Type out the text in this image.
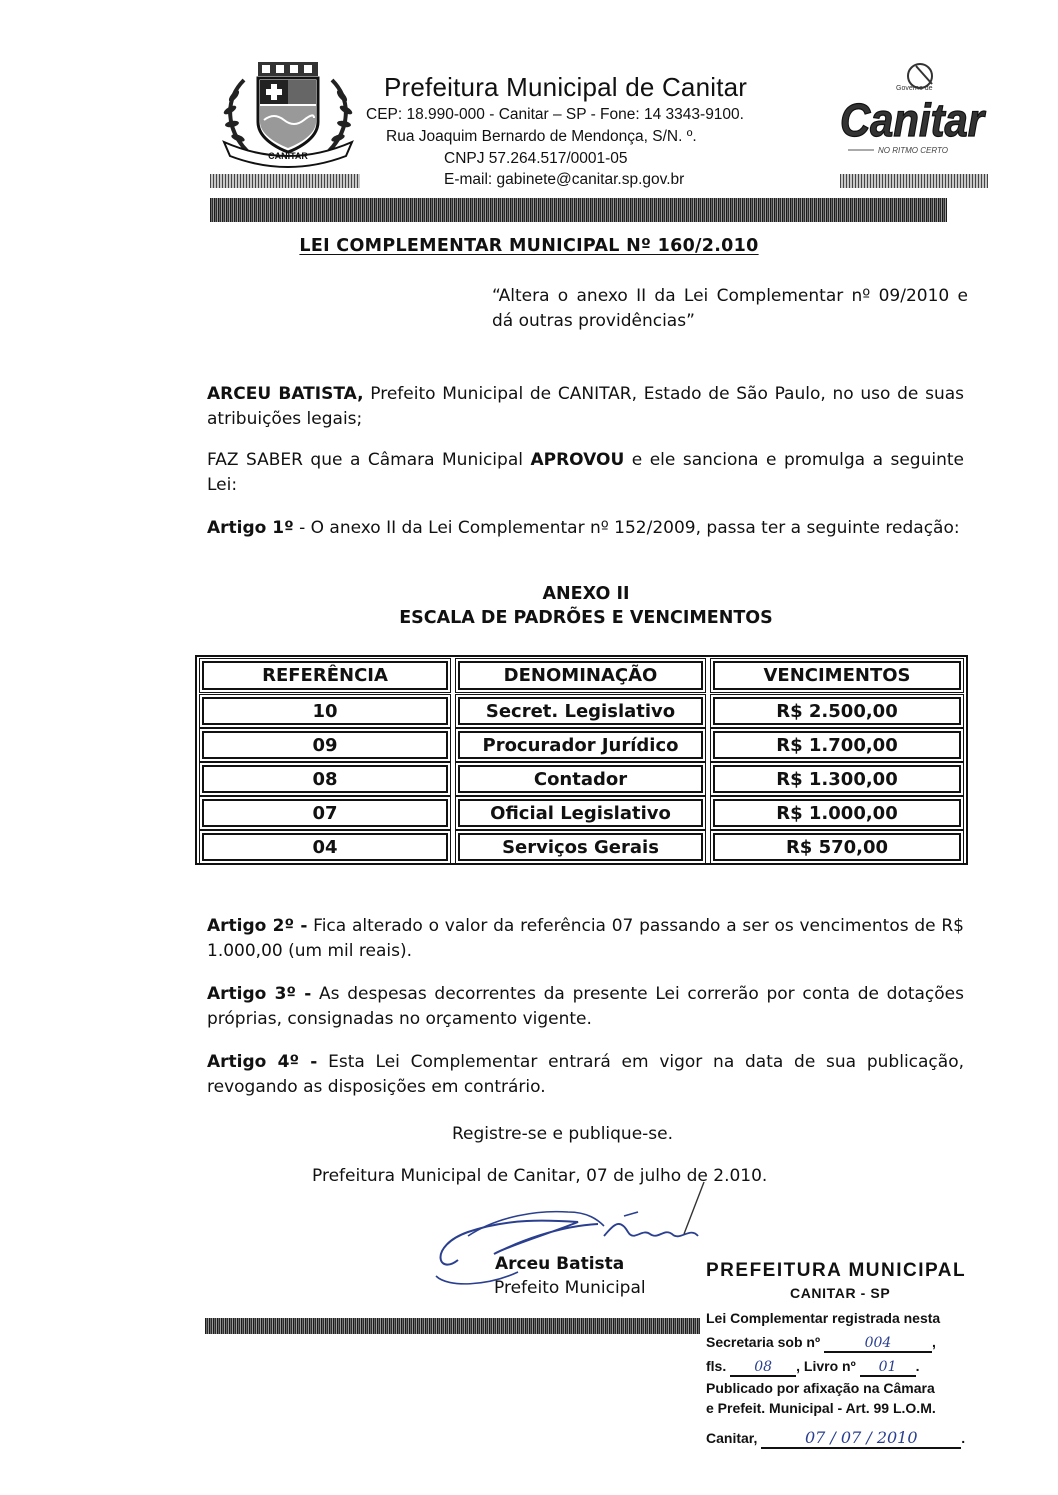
CANITAR
Prefeitura Municipal de Canitar
CEP: 18.990-000 - Canitar – SP - Fone: 14 3343-9100.
Rua Joaquim Bernardo de Mendonça, S/N. º.
CNPJ 57.264.517/0001-05
E-mail: gabinete@canitar.sp.gov.br
Governo de
Canitar
NO RITMO CERTO
LEI COMPLEMENTAR MUNICIPAL Nº 160/2.010
“Altera o anexo II da Lei Complementar nº 09/2010 e dá outras providências”
ARCEU BATISTA, Prefeito Municipal de CANITAR, Estado de São Paulo, no uso de suas atribuições legais;
FAZ SABER que a Câmara Municipal APROVOU e ele sanciona e promulga a seguinte Lei:
Artigo 1º - O anexo II da Lei Complementar nº 152/2009, passa ter a seguinte redação:
ANEXO II
ESCALA DE PADRÕES E VENCIMENTOS
REFERÊNCIA	DENOMINAÇÃO	VENCIMENTOS
10	Secret. Legislativo	R$ 2.500,00
09	Procurador Jurídico	R$ 1.700,00
08	Contador	R$ 1.300,00
07	Oficial Legislativo	R$ 1.000,00
04	Serviços Gerais	R$ 570,00
Artigo 2º - Fica alterado o valor da referência 07 passando a ser os vencimentos de R$ 1.000,00 (um mil reais).
Artigo 3º - As despesas decorrentes da presente Lei correrão por conta de dotações próprias, consignadas no orçamento vigente.
Artigo 4º - Esta Lei Complementar entrará em vigor na data de sua publicação, revogando as disposições em contrário.
Registre-se e publique-se.
Prefeitura Municipal de Canitar, 07 de julho de 2.010.
Arceu Batista
Prefeito Municipal
PREFEITURA MUNICIPAL
CANITAR - SP
Lei Complementar registrada nesta
Secretaria sob nº	004	,
fls. 08 , Livro nº 01 .
Publicado por afixação na Câmara
e Prefeit. Municipal - Art. 99 L.O.M.
Canitar,	07 / 07 / 2010	.
